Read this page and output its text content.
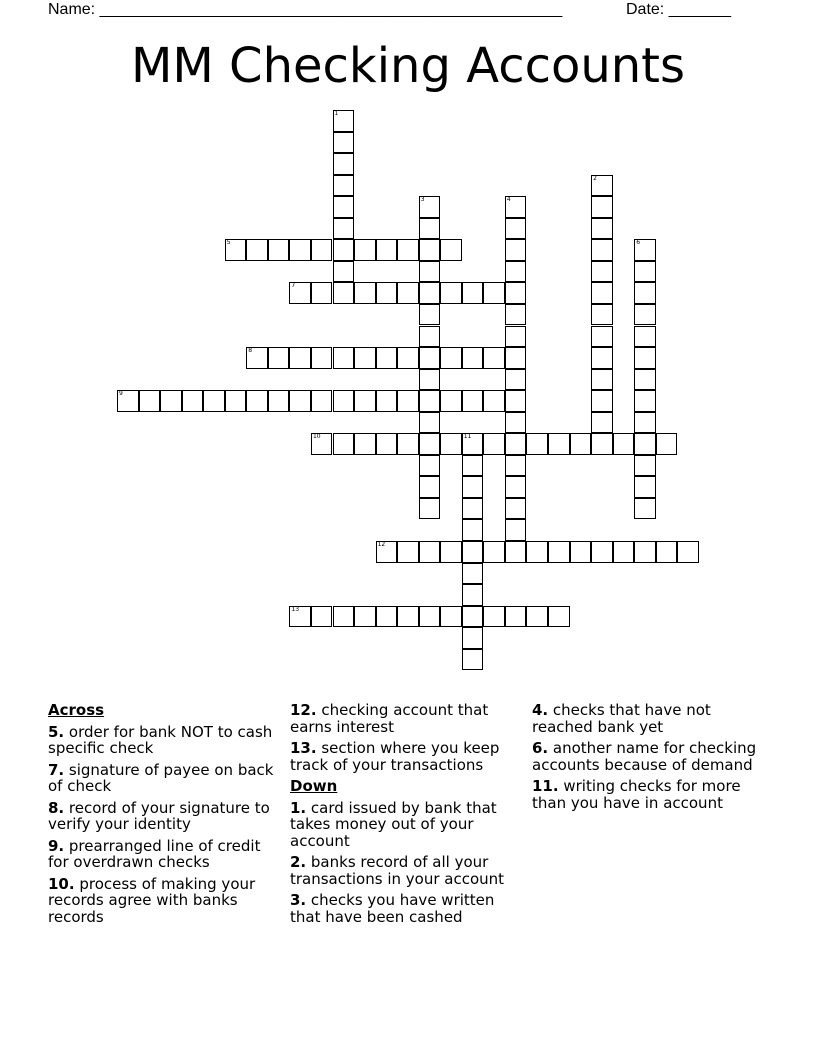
Name: ____________________________________________________	Date: _______
MM Checking Accounts
1
2
3	4
5	6
7
8
9
10	11
12
13
Across
5. order for bank NOT to cash specific check
7. signature of payee on back of check
8. record of your signature to verify your identity
9. prearranged line of credit for overdrawn checks
10. process of making your records agree with banks records
12. checking account that earns interest
13. section where you keep track of your transactions
Down
1. card issued by bank that takes money out of your account
2. banks record of all your transactions in your account
3. checks you have written that have been cashed
4. checks that have not reached bank yet
6. another name for checking accounts because of demand
11. writing checks for more than you have in account
